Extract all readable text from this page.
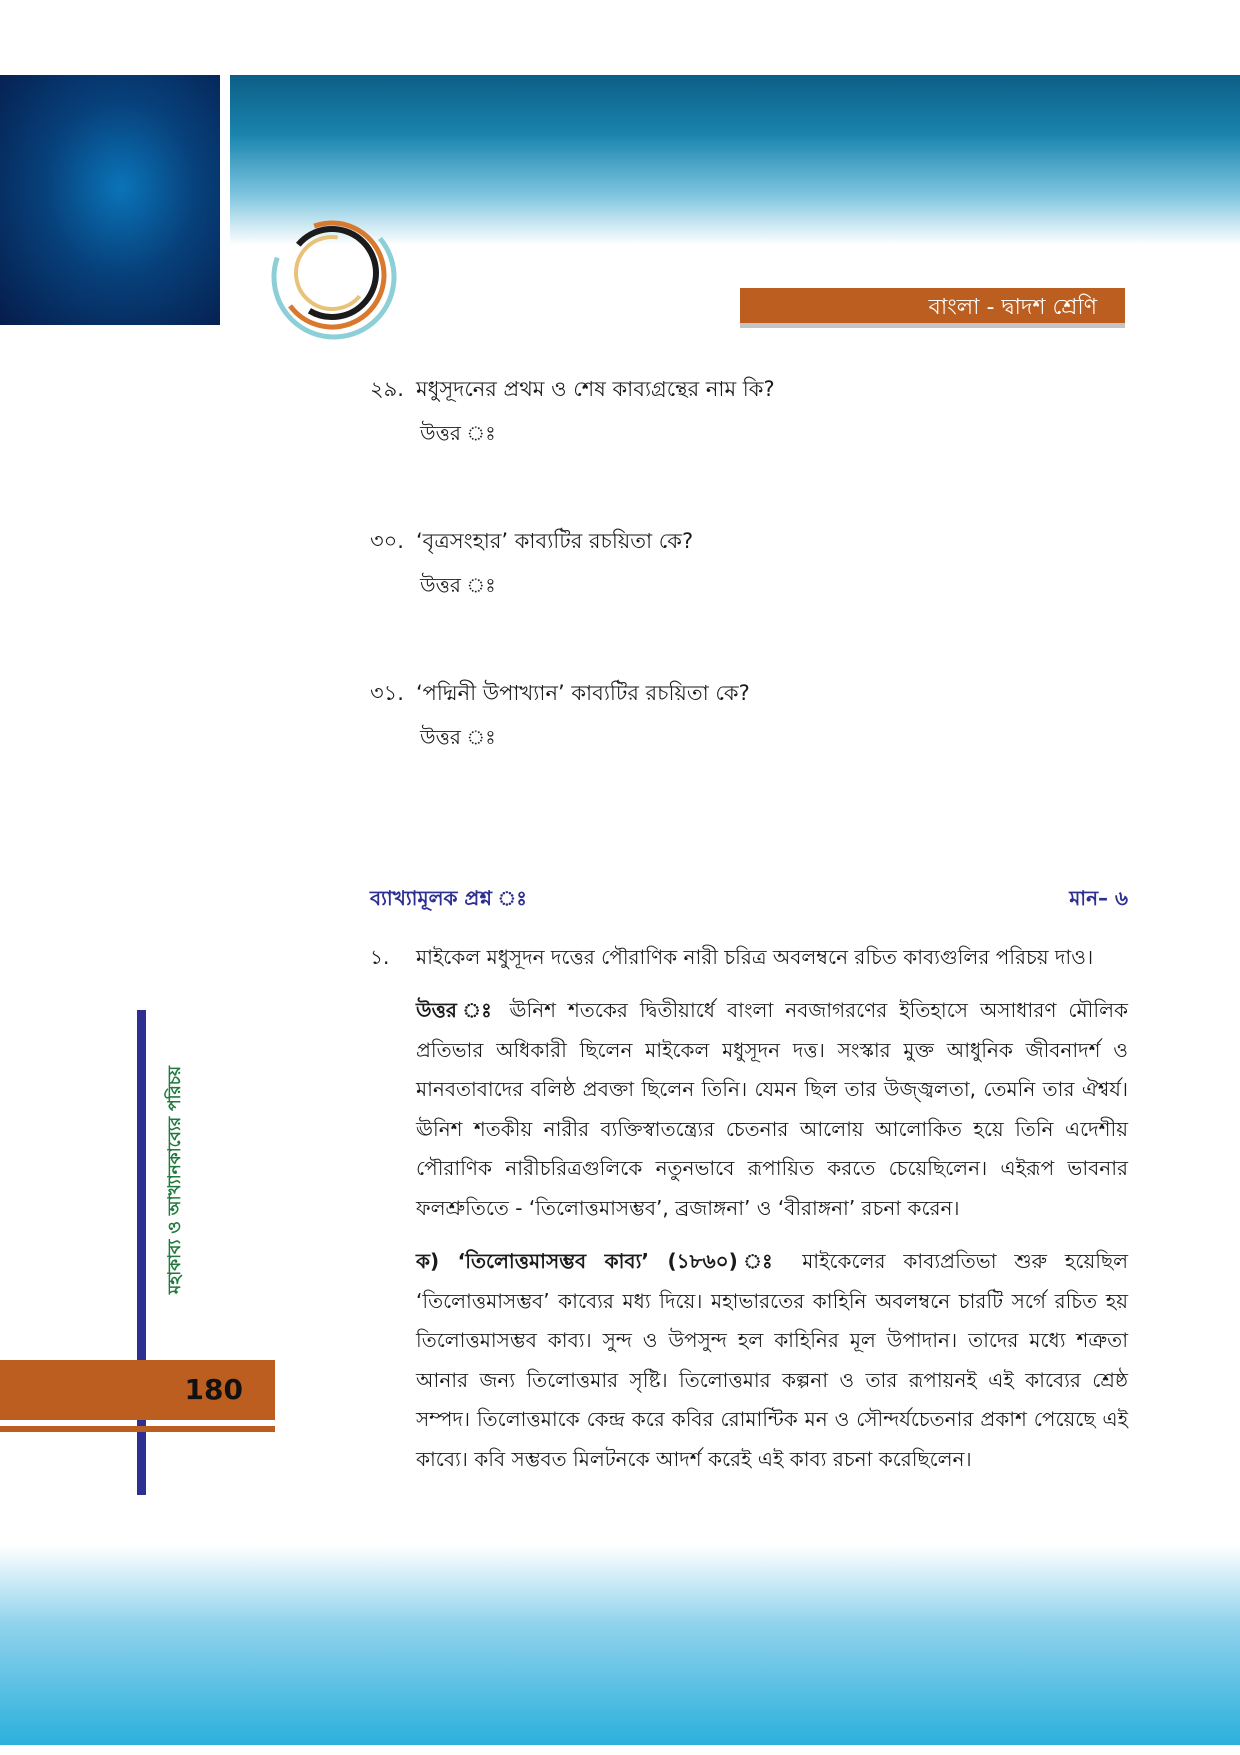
বাংলা - দ্বাদশ শ্রেণি
মহাকাব্য ও আখ্যানকাব্যের পরিচয়
180
২৯. মধুসূদনের প্রথম ও শেষ কাব্যগ্রন্থের নাম কি?
উত্তর ঃ
৩০. ‘বৃত্রসংহার’ কাব্যটির রচয়িতা কে?
উত্তর ঃ
৩১. ‘পদ্মিনী উপাখ্যান’ কাব্যটির রচয়িতা কে?
উত্তর ঃ
ব্যাখ্যামূলক প্রশ্ন ঃ	মান– ৬
১.	মাইকেল মধুসূদন দত্তের পৌরাণিক নারী চরিত্র অবলম্বনে রচিত কাব্যগুলির পরিচয় দাও।
উত্তর ঃ ঊনিশ শতকের দ্বিতীয়ার্ধে বাংলা নবজাগরণের ইতিহাসে অসাধারণ মৌলিক প্রতিভার অধিকারী ছিলেন মাইকেল মধুসূদন দত্ত। সংস্কার মুক্ত আধুনিক জীবনাদর্শ ও মানবতাবাদের বলিষ্ঠ প্রবক্তা ছিলেন তিনি। যেমন ছিল তার উজ্জ্বলতা, তেমনি তার ঐশ্বর্য। ঊনিশ শতকীয় নারীর ব্যক্তিস্বাতন্ত্র্যের চেতনার আলোয় আলোকিত হয়ে তিনি এদেশীয় পৌরাণিক নারীচরিত্রগুলিকে নতুনভাবে রূপায়িত করতে চেয়েছিলেন। এইরূপ ভাবনার ফলশ্রুতিতে - ‘তিলোত্তমাসম্ভব’, ব্রজাঙ্গনা’ ও ‘বীরাঙ্গনা’ রচনা করেন।
ক) ‘তিলোত্তমাসম্ভব কাব্য’ (১৮৬০) ঃ মাইকেলের কাব্যপ্রতিভা শুরু হয়েছিল ‘তিলোত্তমাসম্ভব’ কাব্যের মধ্য দিয়ে। মহাভারতের কাহিনি অবলম্বনে চারটি সর্গে রচিত হয় তিলোত্তমাসম্ভব কাব্য। সুন্দ ও উপসুন্দ হল কাহিনির মূল উপাদান। তাদের মধ্যে শত্রুতা আনার জন্য তিলোত্তমার সৃষ্টি। তিলোত্তমার কল্পনা ও তার রূপায়নই এই কাব্যের শ্রেষ্ঠ সম্পদ। তিলোত্তমাকে কেন্দ্র করে কবির রোমান্টিক মন ও সৌন্দর্যচেতনার প্রকাশ পেয়েছে এই কাব্যে। কবি সম্ভবত মিলটনকে আদর্শ করেই এই কাব্য রচনা করেছিলেন।
